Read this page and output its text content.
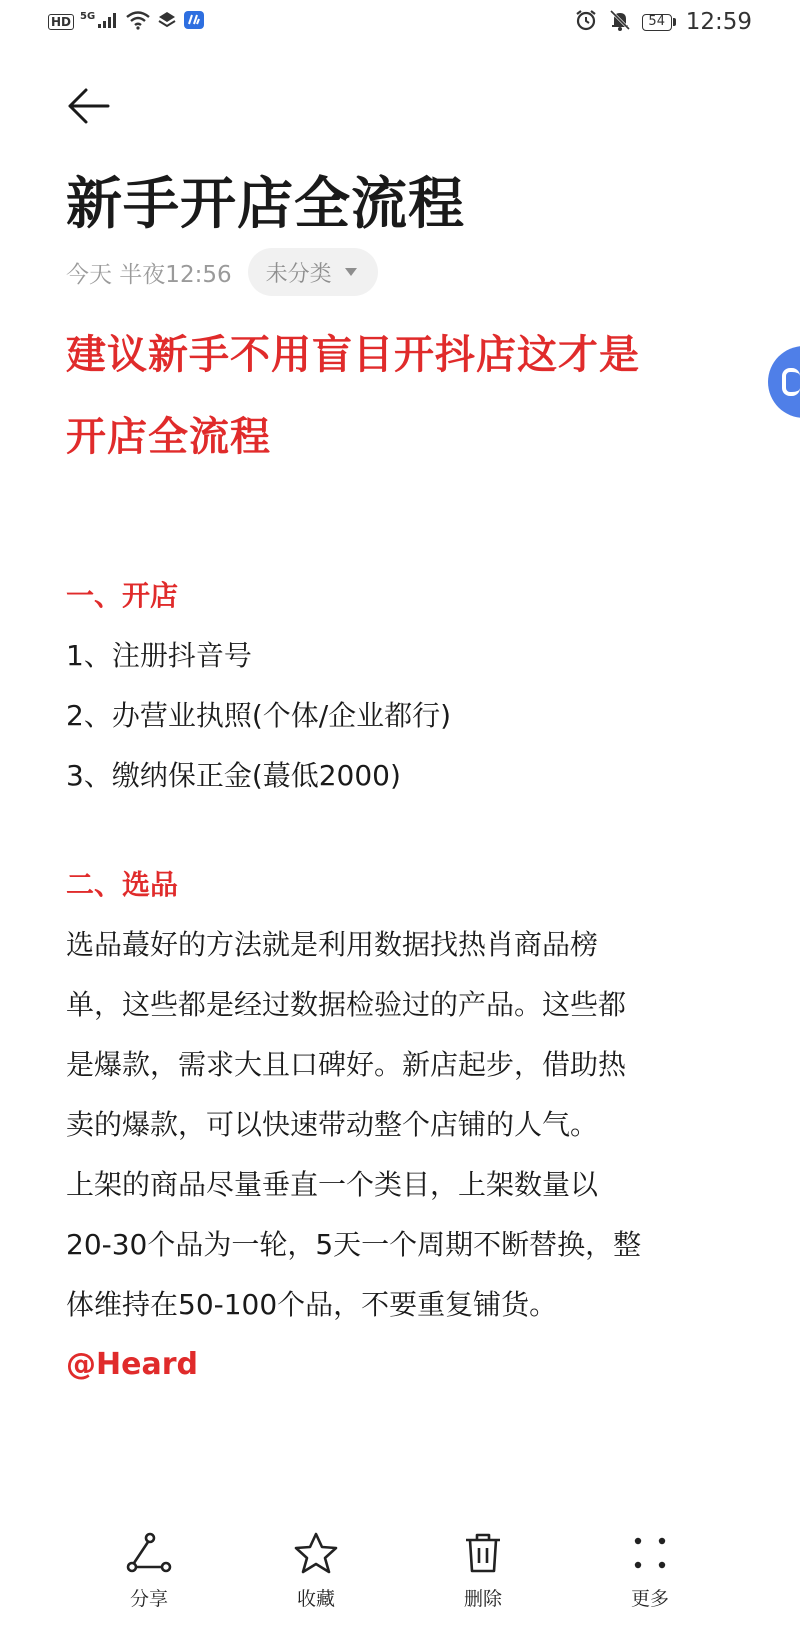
HD 5G	54 12:59
新手开店全流程
今天 半夜12:56 未分类

建议新手不用盲目开抖店这才是

开店全流程

一、开店

1、注册抖音号

2、办营业执照(个体/企业都行)

3、缴纳保正金(蕞低2000)

二、选品

选品蕞好的方法就是利用数据找热肖商品榜

单，这些都是经过数据检验过的产品。这些都

是爆款，需求大且口碑好。新店起步，借助热

卖的爆款，可以快速带动整个店铺的人气。

上架的商品尽量垂直一个类目，上架数量以

20-30个品为一轮，5天一个周期不断替换，整

体维持在50-100个品，不要重复铺货。

@Heard

分享	收藏	删除	更多
